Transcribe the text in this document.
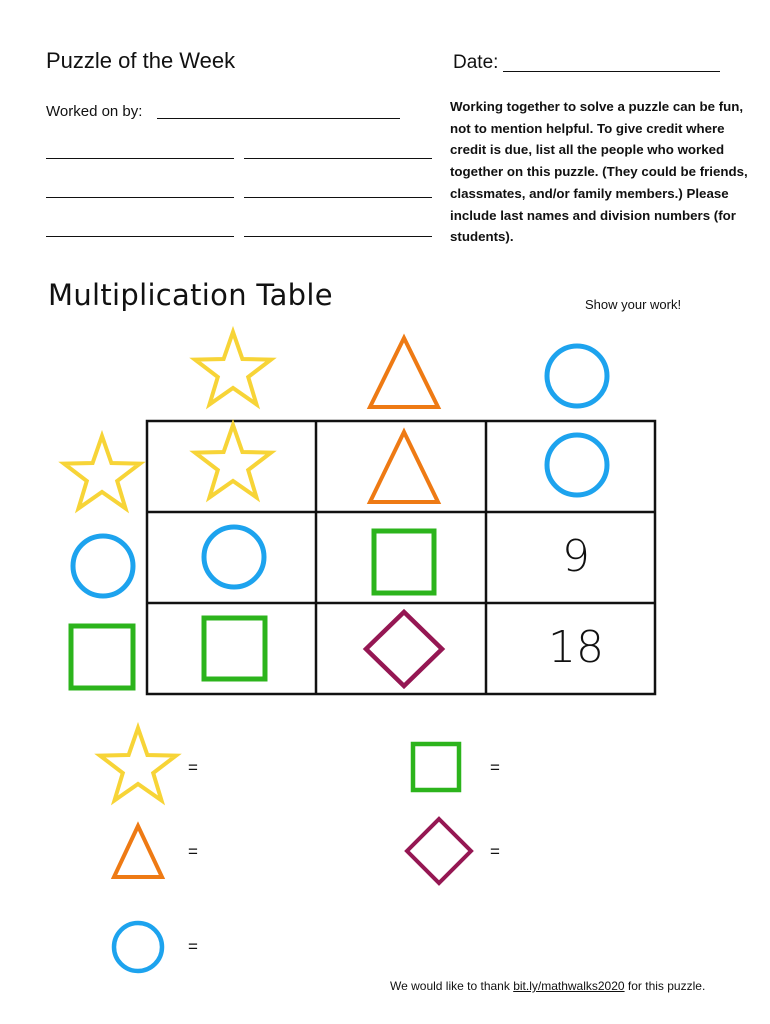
Puzzle of the Week	Date:
Worked on by:	Working together to solve a puzzle can be fun, not to mention helpful. To give credit where credit is due, list all the people who worked together on this puzzle. (They could be friends, classmates, and/or family members.) Please include last names and division numbers (for students).
Multiplication Table	Show your work!
9
18
=	=
=	=
=
We would like to thank bit.ly/mathwalks2020 for this puzzle.
